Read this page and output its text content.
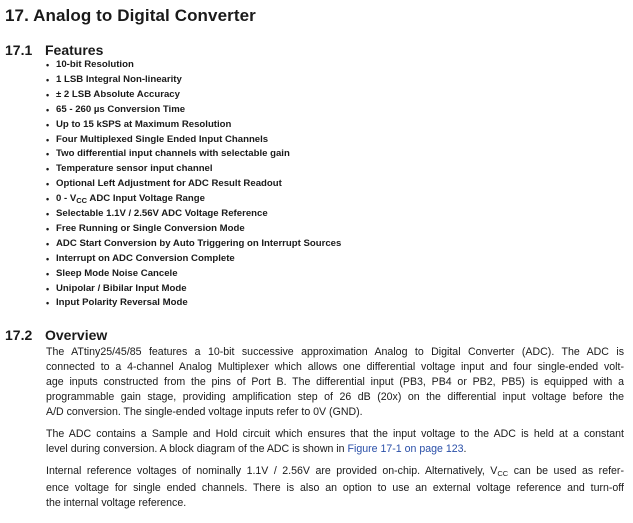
17. Analog to Digital Converter
17.1 Features
• 10-bit Resolution
• 1 LSB Integral Non-linearity
• ± 2 LSB Absolute Accuracy
• 65 - 260 µs Conversion Time
• Up to 15 kSPS at Maximum Resolution
• Four Multiplexed Single Ended Input Channels
• Two differential input channels with selectable gain
• Temperature sensor input channel
• Optional Left Adjustment for ADC Result Readout
• $0 - V_{CC}$ ADC Input Voltage Range
• Selectable 1.1V / 2.56V ADC Voltage Reference
• Free Running or Single Conversion Mode
• ADC Start Conversion by Auto Triggering on Interrupt Sources
• Interrupt on ADC Conversion Complete
• Sleep Mode Noise Cancele
• Unipolar / Bibilar Input Mode
• Input Polarity Reversal Mode
17.2 Overview
The ATtiny25/45/85 features a 10-bit successive approximation Analog to Digital Converter (ADC). The ADC is
connected to a 4-channel Analog Multiplexer which allows one differential voltage input and four single-ended volt-
age inputs constructed from the pins of Port B. The differential input (PB3, PB4 or PB2, PB5) is equipped with a
programmable gain stage, providing amplification step of 26 dB (20x) on the differential input voltage before the
A/D conversion. The single-ended voltage inputs refer to 0V (GND).
The ADC contains a Sample and Hold circuit which ensures that the input voltage to the ADC is held at a constant
level during conversion. A block diagram of the ADC is shown in Figure 17-1 on page 123.
Internal reference voltages of nominally 1.1V / 2.56V are provided on-chip. Alternatively, $V_{CC}$ can be used as refer-
ence voltage for single ended channels. There is also an option to use an external voltage reference and turn-off
the internal voltage reference.
